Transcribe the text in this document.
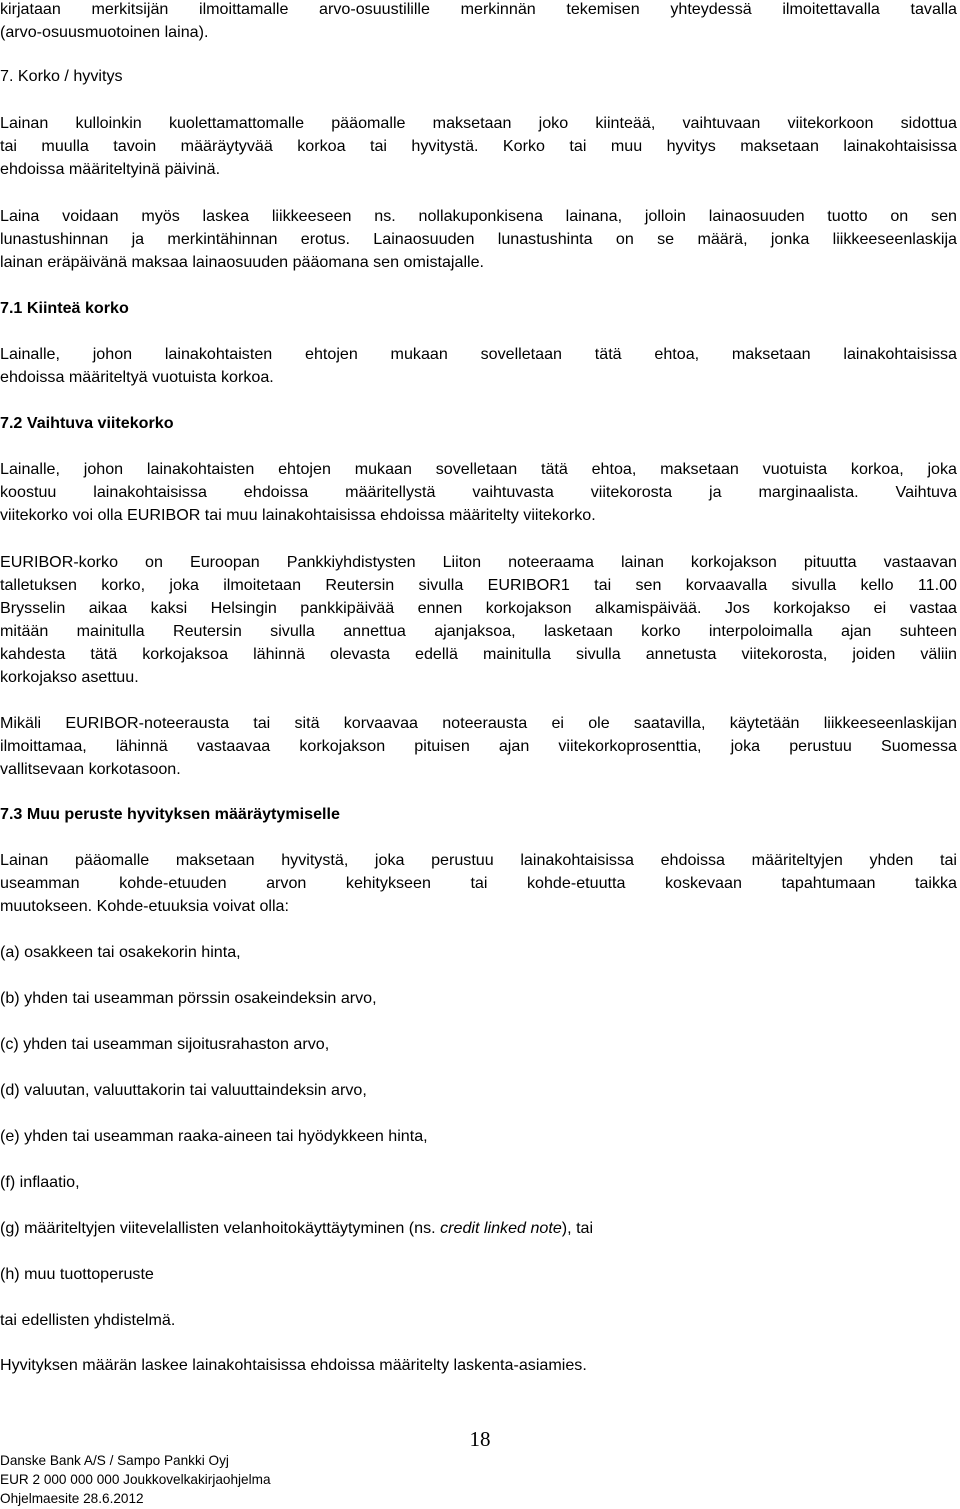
kirjataan merkitsijän ilmoittamalle arvo-osuustilille merkinnän tekemisen yhteydessä ilmoitettavalla tavalla
(arvo-osuusmuotoinen laina).
7. Korko / hyvitys
Lainan kulloinkin kuolettamattomalle pääomalle maksetaan joko kiinteää, vaihtuvaan viitekorkoon sidottua
tai muulla tavoin määräytyvää korkoa tai hyvitystä. Korko tai muu hyvitys maksetaan lainakohtaisissa
ehdoissa määriteltyinä päivinä.
Laina voidaan myös laskea liikkeeseen ns. nollakuponkisena lainana, jolloin lainaosuuden tuotto on sen
lunastushinnan ja merkintähinnan erotus. Lainaosuuden lunastushinta on se määrä, jonka liikkeeseenlaskija
lainan eräpäivänä maksaa lainaosuuden pääomana sen omistajalle.
7.1 Kiinteä korko
Lainalle, johon lainakohtaisten ehtojen mukaan sovelletaan tätä ehtoa, maksetaan lainakohtaisissa
ehdoissa määriteltyä vuotuista korkoa.
7.2 Vaihtuva viitekorko
Lainalle, johon lainakohtaisten ehtojen mukaan sovelletaan tätä ehtoa, maksetaan vuotuista korkoa, joka
koostuu lainakohtaisissa ehdoissa määritellystä vaihtuvasta viitekorosta ja marginaalista. Vaihtuva
viitekorko voi olla EURIBOR tai muu lainakohtaisissa ehdoissa määritelty viitekorko.
EURIBOR-korko on Euroopan Pankkiyhdistysten Liiton noteeraama lainan korkojakson pituutta vastaavan
talletuksen korko, joka ilmoitetaan Reutersin sivulla EURIBOR1 tai sen korvaavalla sivulla kello 11.00
Brysselin aikaa kaksi Helsingin pankkipäivää ennen korkojakson alkamispäivää. Jos korkojakso ei vastaa
mitään mainitulla Reutersin sivulla annettua ajanjaksoa, lasketaan korko interpoloimalla ajan suhteen
kahdesta tätä korkojaksoa lähinnä olevasta edellä mainitulla sivulla annetusta viitekorosta, joiden väliin
korkojakso asettuu.
Mikäli EURIBOR-noteerausta tai sitä korvaavaa noteerausta ei ole saatavilla, käytetään liikkeeseenlaskijan
ilmoittamaa, lähinnä vastaavaa korkojakson pituisen ajan viitekorkoprosenttia, joka perustuu Suomessa
vallitsevaan korkotasoon.
7.3 Muu peruste hyvityksen määräytymiselle
Lainan pääomalle maksetaan hyvitystä, joka perustuu lainakohtaisissa ehdoissa määriteltyjen yhden tai
useamman kohde-etuuden arvon kehitykseen tai kohde-etuutta koskevaan tapahtumaan taikka
muutokseen. Kohde-etuuksia voivat olla:
(a) osakkeen tai osakekorin hinta,
(b) yhden tai useamman pörssin osakeindeksin arvo,
(c) yhden tai useamman sijoitusrahaston arvo,
(d) valuutan, valuuttakorin tai valuuttaindeksin arvo,
(e) yhden tai useamman raaka-aineen tai hyödykkeen hinta,
(f) inflaatio,
(g) määriteltyjen viitevelallisten velanhoitokäyttäytyminen (ns. credit linked note), tai
(h) muu tuottoperuste
tai edellisten yhdistelmä.
Hyvityksen määrän laskee lainakohtaisissa ehdoissa määritelty laskenta-asiamies.
18
Danske Bank A/S / Sampo Pankki Oyj
EUR 2 000 000 000 Joukkovelkakirjaohjelma
Ohjelmaesite 28.6.2012
